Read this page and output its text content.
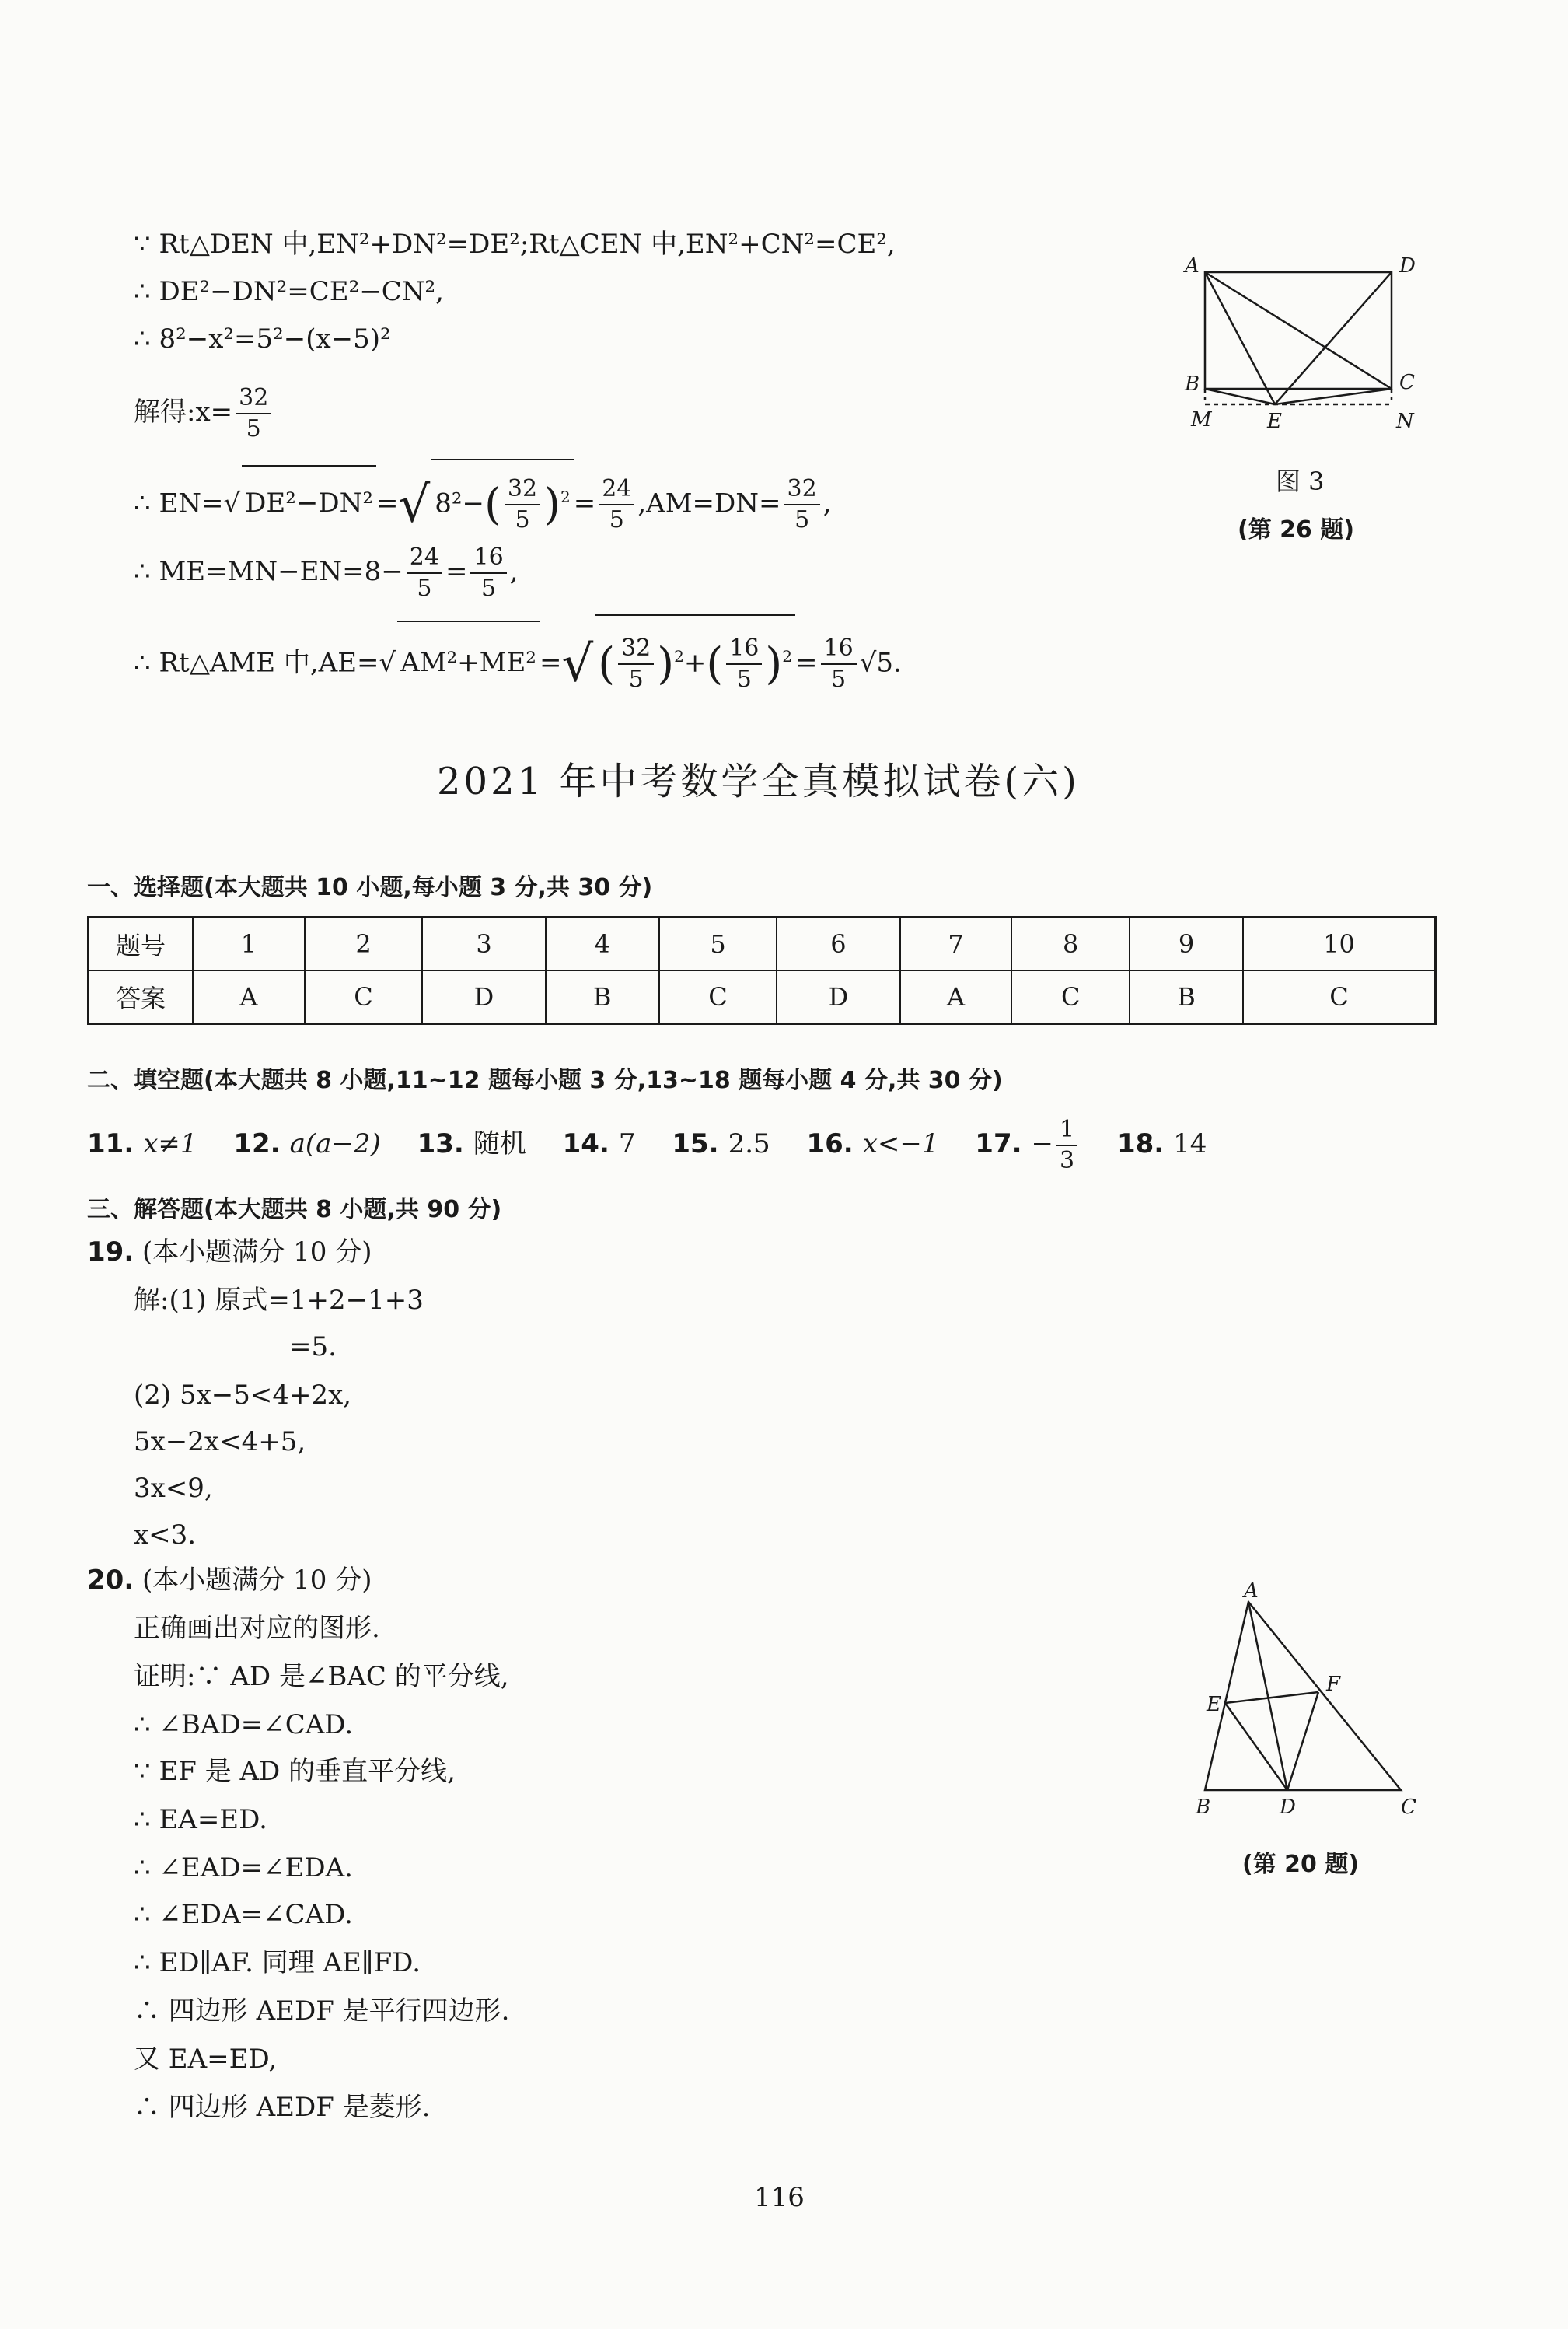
∵ Rt△DEN 中,EN²+DN²=DE²;Rt△CEN 中,EN²+CN²=CE²,
∴ DE²−DN²=CE²−CN²,
∴ 8²−x²=5²−(x−5)²
解得:x= $\frac{32}{5}$
∴ EN=√ DE²−DN² =√ $8^2-( \frac{32}{5} )^2 = \frac{24}{5} ,AM=DN= \frac{32}{5}$ ,
∴ $ME=MN-EN=8- \frac{24}{5} = \frac{16}{5}$ ,
∴ Rt△AME 中,AE=√ AM²+ME² =√ ( $\frac{32}{5} )^2+( \frac{16}{5} )^2 = \frac{16}{5} √5$.
A	D
B	C
M	E	N
图 3
(第 26 题)
2021 年中考数学全真模拟试卷(六)
一、选择题(本大题共 10 小题,每小题 3 分,共 30 分)
题号	1	2	3	4	5	6	7	8	9	10
答案	A	C	D	B	C	D	A	C	B	C
二、填空题(本大题共 8 小题,11~12 题每小题 3 分,13~18 题每小题 4 分,共 30 分)
11. x≠1 12. a(a−2) 13. 随机 14. 7 15. 2.5 16. x<−1 17. − $\frac{1}{3} 18$. 14
三、解答题(本大题共 8 小题,共 90 分)
19. (本小题满分 10 分)
解:(1) 原式=1+2−1+3
=5.
(2) 5x−5<4+2x,
5x−2x<4+5,
3x<9,
x<3.
20. (本小题满分 10 分)
正确画出对应的图形.
证明:∵ AD 是∠BAC 的平分线,
∴ ∠BAD=∠CAD.
∵ EF 是 AD 的垂直平分线,
∴ EA=ED.
∴ ∠EAD=∠EDA.
∴ ∠EDA=∠CAD.
∴ ED∥AF. 同理 AE∥FD.
∴ 四边形 AEDF 是平行四边形.
又 EA=ED,
∴ 四边形 AEDF 是菱形.
A
E
F
B	D	C
(第 20 题)
116
